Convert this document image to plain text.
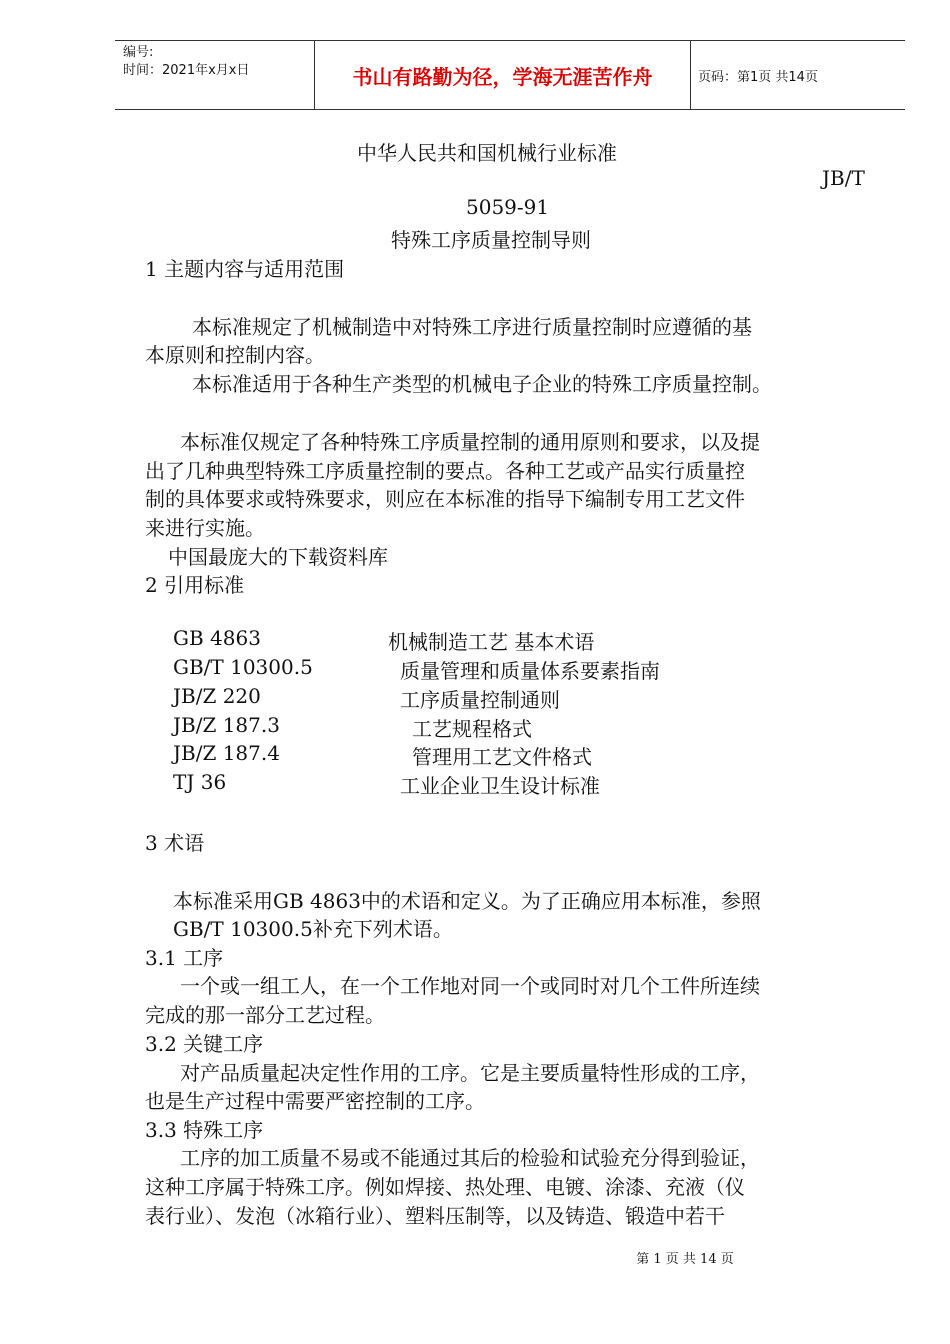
编号:
时间：2021年x月x日	书山有路勤为径，学海无涯苦作舟	页码：第1页 共14页
中华人民共和国机械行业标准
JB/T
5059-91
特殊工序质量控制导则
1 主题内容与适用范围
本标准规定了机械制造中对特殊工序进行质量控制时应遵循的基
本原则和控制内容。
本标准适用于各种生产类型的机械电子企业的特殊工序质量控制。
本标准仅规定了各种特殊工序质量控制的通用原则和要求，以及提
出了几种典型特殊工序质量控制的要点。各种工艺或产品实行质量控
制的具体要求或特殊要求，则应在本标准的指导下编制专用工艺文件
来进行实施。
中国最庞大的下载资料库
2 引用标准
GB 4863	机械制造工艺 基本术语
GB/T 10300.5	质量管理和质量体系要素指南
JB/Z 220	工序质量控制通则
JB/Z 187.3	工艺规程格式
JB/Z 187.4	管理用工艺文件格式
TJ 36	工业企业卫生设计标准
3 术语
本标准采用GB 4863中的术语和定义。为了正确应用本标准，参照
GB/T 10300.5补充下列术语。
3.1 工序
一个或一组工人，在一个工作地对同一个或同时对几个工件所连续
完成的那一部分工艺过程。
3.2 关键工序
对产品质量起决定性作用的工序。它是主要质量特性形成的工序，
也是生产过程中需要严密控制的工序。
3.3 特殊工序
工序的加工质量不易或不能通过其后的检验和试验充分得到验证，
这种工序属于特殊工序。例如焊接、热处理、电镀、涂漆、充液（仪
表行业）、发泡（冰箱行业）、塑料压制等，以及铸造、锻造中若干
第 1 页 共 14 页
